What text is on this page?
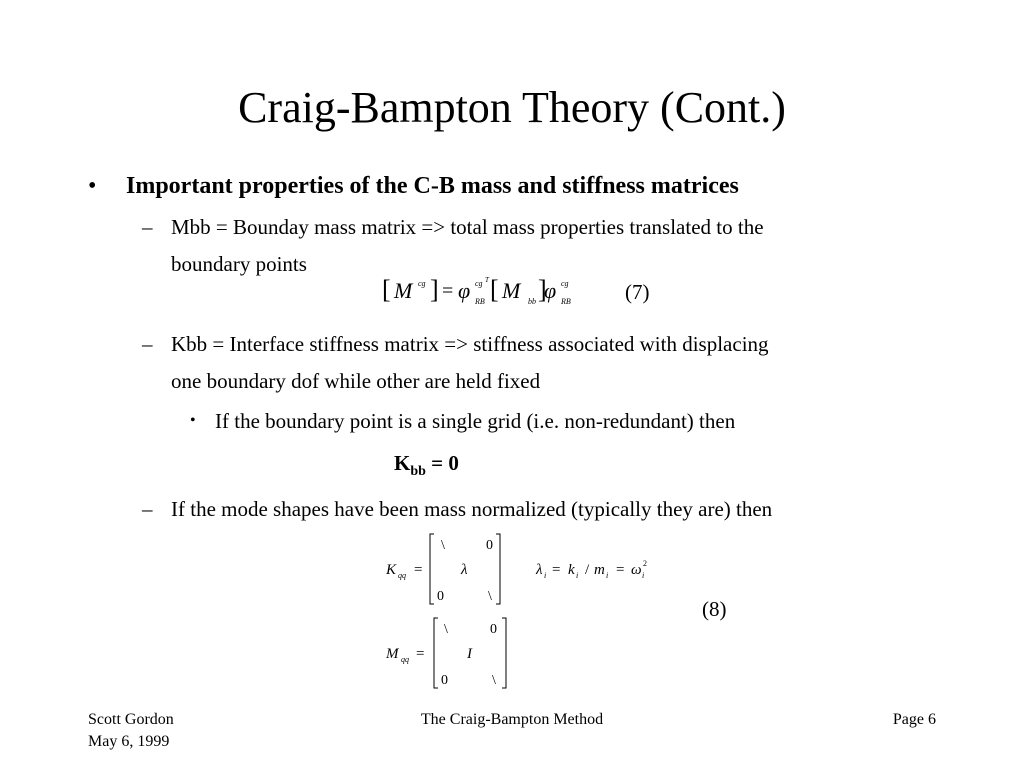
Craig-Bampton Theory (Cont.)
• Important properties of the C-B mass and stiffness matrices
– Mbb = Bounday mass matrix => total mass properties translated to the
boundary points
[ M cg ] = φ cg T
RB [ M bb ]
φ cg
RB	(7)
– Kbb = Interface stiffness matrix => stiffness associated with displacing
one boundary dof while other are held fixed
• If the boundary point is a single grid (i.e. non-redundant) then
$K_{bb} = 0$
– If the mode shapes have been mass normalized (typically they are) then
K qq =
\	0
λ
0	\
λ i = k i / m i = ω i
2
(8)
M qq =
\	0
I
0	\
Scott Gordon
May 6, 1999
The Craig-Bampton Method	Page 6
